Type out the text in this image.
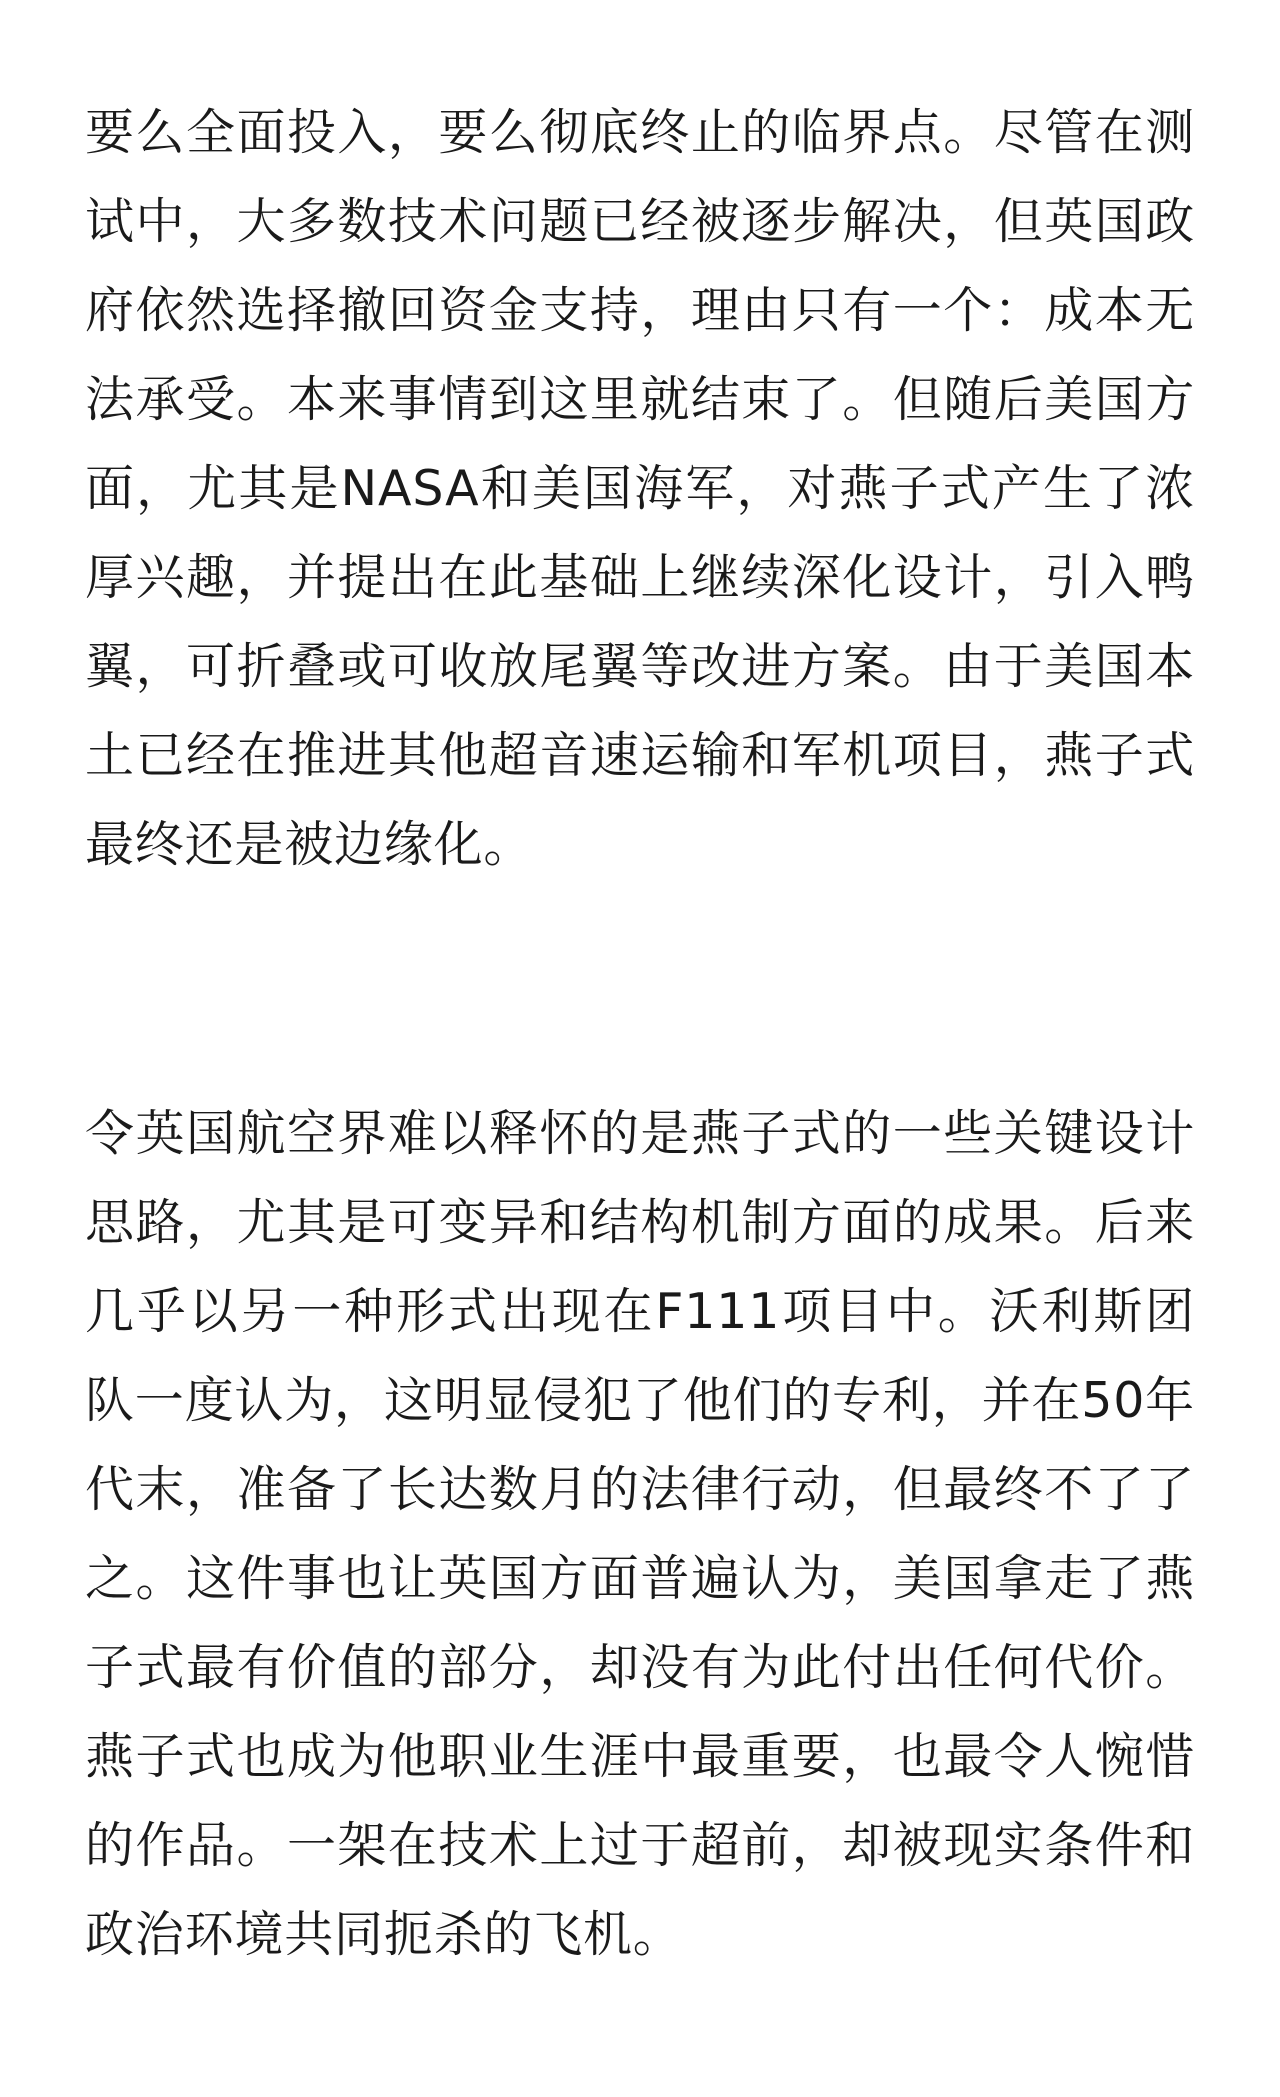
要么全面投入，要么彻底终止的临界点。尽管在测试中，大多数技术问题已经被逐步解决，但英国政府依然选择撤回资金支持，理由只有一个：成本无法承受。本来事情到这里就结束了。但随后美国方面，尤其是NASA和美国海军，对燕子式产生了浓厚兴趣，并提出在此基础上继续深化设计，引入鸭翼，可折叠或可收放尾翼等改进方案。由于美国本土已经在推进其他超音速运输和军机项目，燕子式最终还是被边缘化。

令英国航空界难以释怀的是燕子式的一些关键设计思路，尤其是可变异和结构机制方面的成果。后来几乎以另一种形式出现在F111项目中。沃利斯团队一度认为，这明显侵犯了他们的专利，并在50年代末，准备了长达数月的法律行动，但最终不了了之。这件事也让英国方面普遍认为，美国拿走了燕子式最有价值的部分，却没有为此付出任何代价。燕子式也成为他职业生涯中最重要，也最令人惋惜的作品。一架在技术上过于超前，却被现实条件和政治环境共同扼杀的飞机。
